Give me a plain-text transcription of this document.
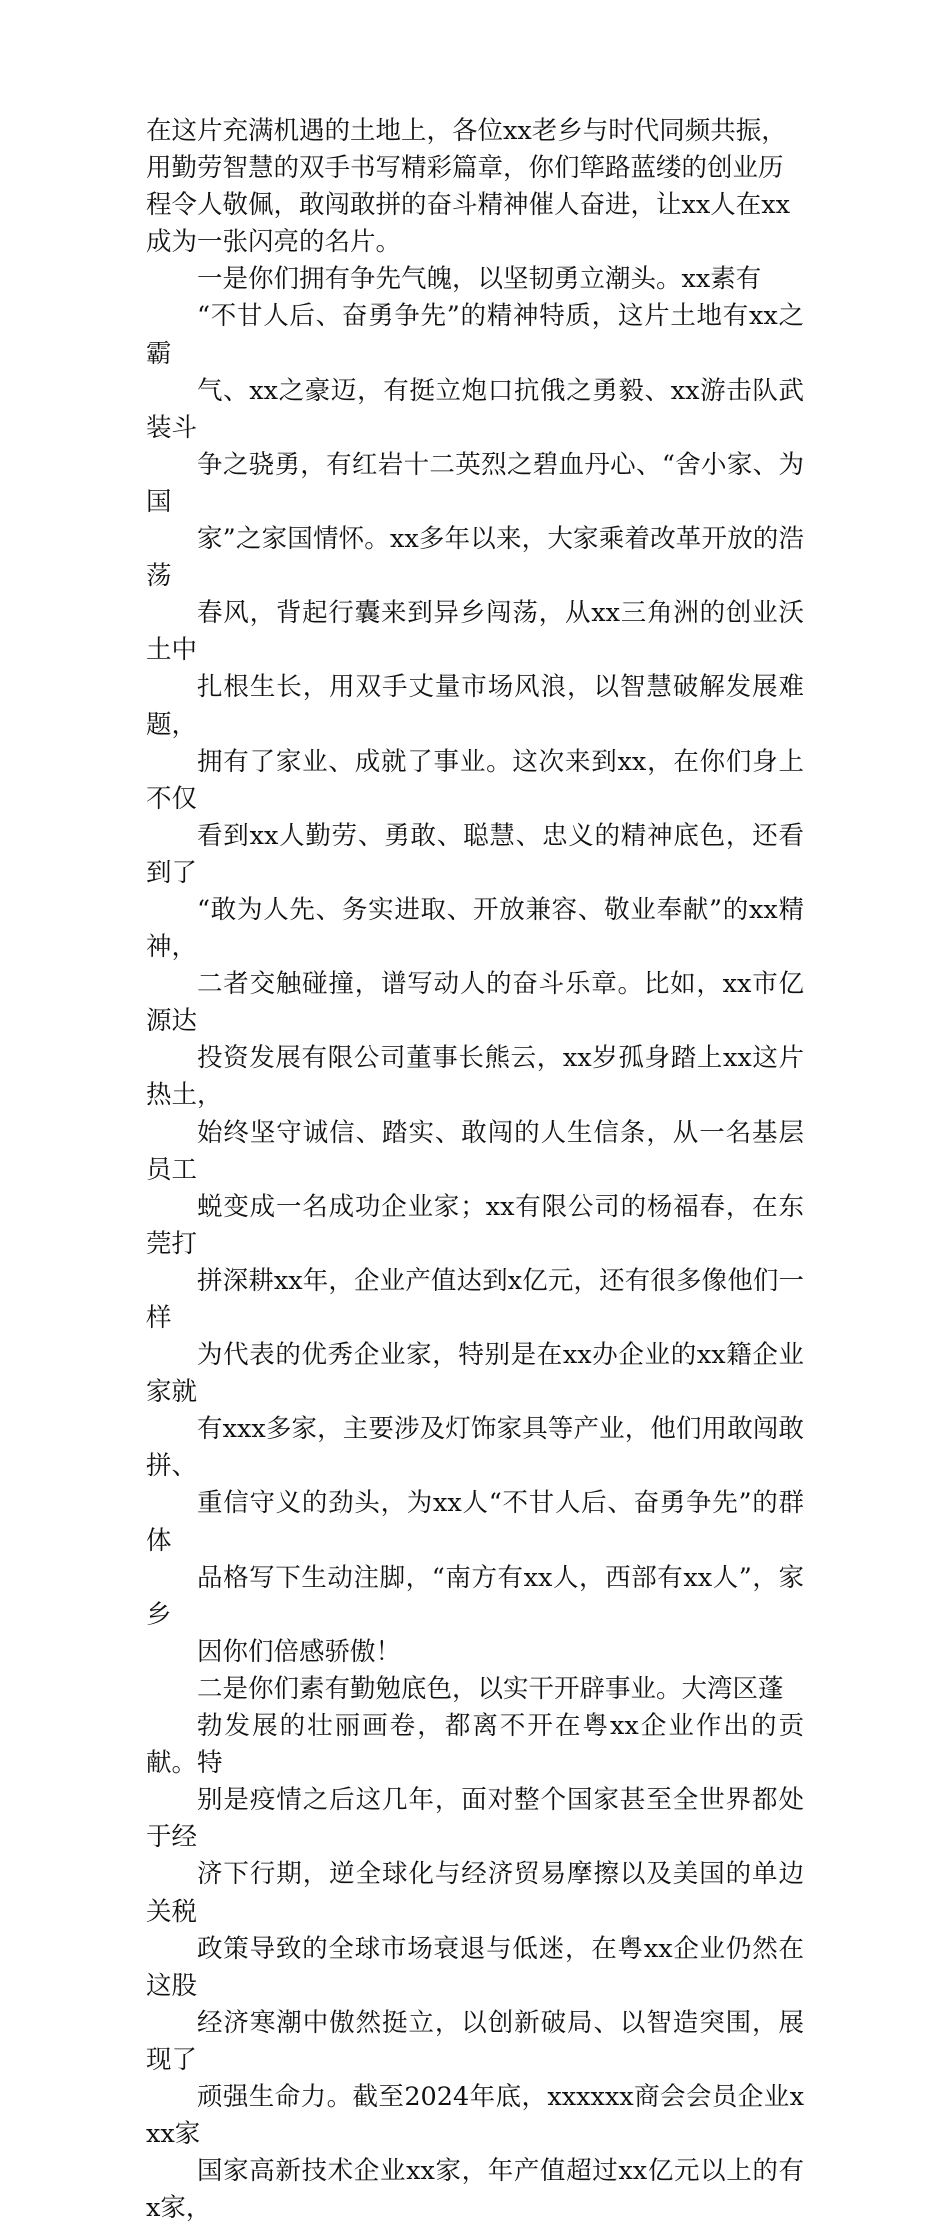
在这片充满机遇的土地上，各位xx老乡与时代同频共振，
用勤劳智慧的双手书写精彩篇章，你们筚路蓝缕的创业历
程令人敬佩，敢闯敢拼的奋斗精神催人奋进，让xx人在xx
成为一张闪亮的名片。

一是你们拥有争先气魄，以坚韧勇立潮头。xx素有
“不甘人后、奋勇争先”的精神特质，这片土地有xx之霸
气、xx之豪迈，有挺立炮口抗俄之勇毅、xx游击队武装斗
争之骁勇，有红岩十二英烈之碧血丹心、“舍小家、为国
家”之家国情怀。xx多年以来，大家乘着改革开放的浩荡
春风，背起行囊来到异乡闯荡，从xx三角洲的创业沃土中
扎根生长，用双手丈量市场风浪，以智慧破解发展难题，
拥有了家业、成就了事业。这次来到xx，在你们身上不仅
看到xx人勤劳、勇敢、聪慧、忠义的精神底色，还看到了
“敢为人先、务实进取、开放兼容、敬业奉献”的xx精神，
二者交触碰撞，谱写动人的奋斗乐章。比如，xx市亿源达
投资发展有限公司董事长熊云，xx岁孤身踏上xx这片热土，
始终坚守诚信、踏实、敢闯的人生信条，从一名基层员工
蜕变成一名成功企业家；xx有限公司的杨福春，在东莞打
拼深耕xx年，企业产值达到x亿元，还有很多像他们一样
为代表的优秀企业家，特别是在xx办企业的xx籍企业家就
有xxx多家，主要涉及灯饰家具等产业，他们用敢闯敢拼、
重信守义的劲头，为xx人“不甘人后、奋勇争先”的群体
品格写下生动注脚，“南方有xx人，西部有xx人”，家乡
因你们倍感骄傲！

二是你们素有勤勉底色，以实干开辟事业。大湾区蓬
勃发展的壮丽画卷，都离不开在粤xx企业作出的贡献。特
别是疫情之后这几年，面对整个国家甚至全世界都处于经
济下行期，逆全球化与经济贸易摩擦以及美国的单边关税
政策导致的全球市场衰退与低迷，在粤xx企业仍然在这股
经济寒潮中傲然挺立，以创新破局、以智造突围，展现了
顽强生命力。截至2024年底，xxxxxx商会会员企业xxx家
国家高新技术企业xx家，年产值超过xx亿元以上的有x家，
